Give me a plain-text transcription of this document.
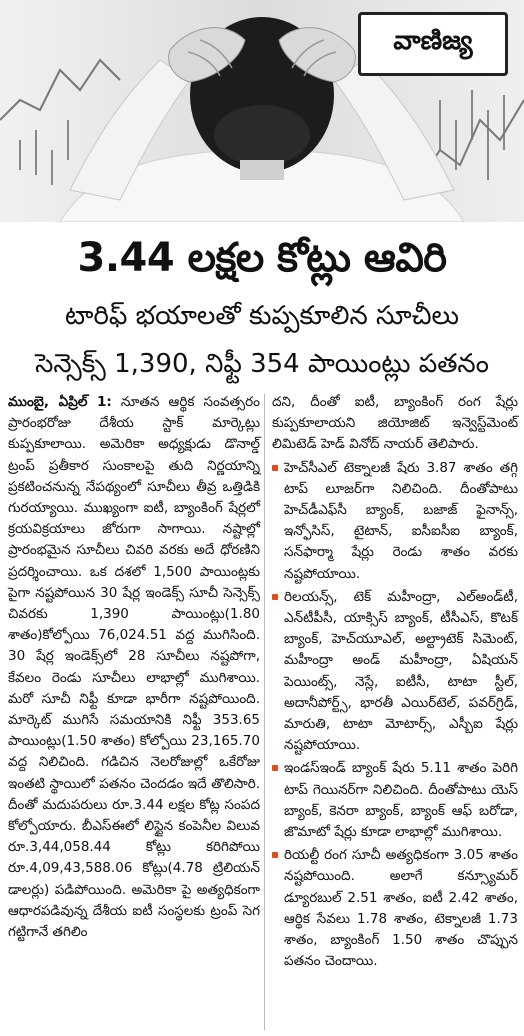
వాణిజ్య
3.44 లక్షల కోట్లు ఆవిరి
టారిఫ్ భయాలతో కుప్పకూలిన సూచీలు
సెన్సెక్స్ 1,390, నిఫ్టీ 354 పాయింట్లు పతనం

ముంబై, ఏప్రిల్ 1: నూతన ఆర్థిక సంవత్సరం ప్రారంభరోజు దేశీయ స్టాక్ మార్కెట్లు కుప్పకూలాయి. అమెరికా అధ్యక్షుడు డొనాల్డ్ ట్రంప్ ప్రతీకార సుంకాలపై తుది నిర్ణయాన్ని ప్రకటించనున్న నేపథ్యంలో సూచీలు తీవ్ర ఒత్తిడికి గురయ్యాయి. ముఖ్యంగా ఐటీ, బ్యాంకింగ్ షేర్లలో క్రయవిక్రయాలు జోరుగా సాగాయి. నష్టాల్లో ప్రారంభమైన సూచీలు చివరి వరకు అదే ధోరణిని ప్రదర్శించాయి. ఒక దశలో 1,500 పాయింట్లకు పైగా నష్టపోయిన 30 షేర్ల ఇండెక్స్ సూచీ సెన్సెక్స్ చివరకు 1,390 పాయింట్లు(1.80 శాతం)కోల్పోయి 76,024.51 వద్ద ముగిసింది. 30 షేర్ల ఇండెక్స్‌లో 28 సూచీలు నష్టపోగా, కేవలం రెండు సూచీలు లాభాల్లో ముగిశాయి. మరో సూచీ నిఫ్టీ కూడా భారీగా నష్టపోయింది. మార్కెట్ ముగిసే సమయానికి నిఫ్టీ 353.65 పాయింట్లు(1.50 శాతం) కోల్పోయి 23,165.70 వద్ద నిలిచింది. గడిచిన నెలరోజుల్లో ఒకేరోజు ఇంతటి స్థాయిలో పతనం చెందడం ఇదే తొలిసారి. దీంతో మదుపరులు రూ.3.44 లక్షల కోట్ల సంపద కోల్పోయారు. బీఎస్ఈలో లిస్టైన కంపెనీల విలువ రూ.3,44,058.44 కోట్లు కరిగిపోయి రూ.4,09,43,588.06 కోట్లు(4.78 ట్రిలియన్ డాలర్లు) పడిపోయింది. అమెరికా పై అత్యధికంగా ఆధారపడివున్న దేశీయ ఐటీ సంస్థలకు ట్రంప్ సెగ గట్టిగానే తగిలిం

దని, దీంతో ఐటీ, బ్యాంకింగ్ రంగ షేర్లు కుప్పకూలాయని జియోజిట్ ఇన్వెస్ట్‌మెంట్ లిమిటెడ్ హెడ్ వినోద్ నాయర్ తెలిపారు.

హెచ్‌సీఎల్ టెక్నాలజీ షేరు 3.87 శాతం తగ్గి టాప్ లూజర్‌గా నిలిచింది. దీంతోపాటు హెచ్‌డీఎఫ్‌సీ బ్యాంక్, బజాజ్ ఫైనాన్స్, ఇన్ఫోసిస్, టైటాన్, ఐసీఐసీఐ బ్యాంక్, సన్‌ఫార్మా షేర్లు రెండు శాతం వరకు నష్టపోయాయి.

రిలయన్స్, టెక్ మహీంద్రా, ఎల్అండ్‌టీ, ఎన్‌టీపీసీ, యాక్సిస్ బ్యాంక్, టీసీఎస్, కొటక్ బ్యాంక్, హెచ్‌యూఎల్, అల్ట్రాటెక్ సిమెంట్, మహీంద్రా అండ్ మహీంద్రా, ఏషియన్ పెయింట్స్, నెస్లే, ఐటీసీ, టాటా స్టీల్, అదానీపోర్ట్స్, భారతీ ఎయిర్‌టెల్, పవర్‌గ్రిడ్, మారుతి, టాటా మోటార్స్, ఎస్బీఐ షేర్లు నష్టపోయాయి.

ఇండస్‌ఇండ్ బ్యాంక్ షేరు 5.11 శాతం పెరిగి టాప్ గెయినర్‌గా నిలిచింది. దీంతోపాటు యెస్ బ్యాంక్, కెనరా బ్యాంక్, బ్యాంక్ ఆఫ్ బరోడా, జొమాటో షేర్లు కూడా లాభాల్లో ముగిశాయి.

రియల్టీ రంగ సూచీ అత్యధికంగా 3.05 శాతం నష్టపోయింది. అలాగే కన్స్యూమర్ డ్యూరబుల్ 2.51 శాతం, ఐటీ 2.42 శాతం, ఆర్థిక సేవలు 1.78 శాతం, టెక్నాలజీ 1.73 శాతం, బ్యాంకింగ్ 1.50 శాతం చొప్పున పతనం చెందాయి.
